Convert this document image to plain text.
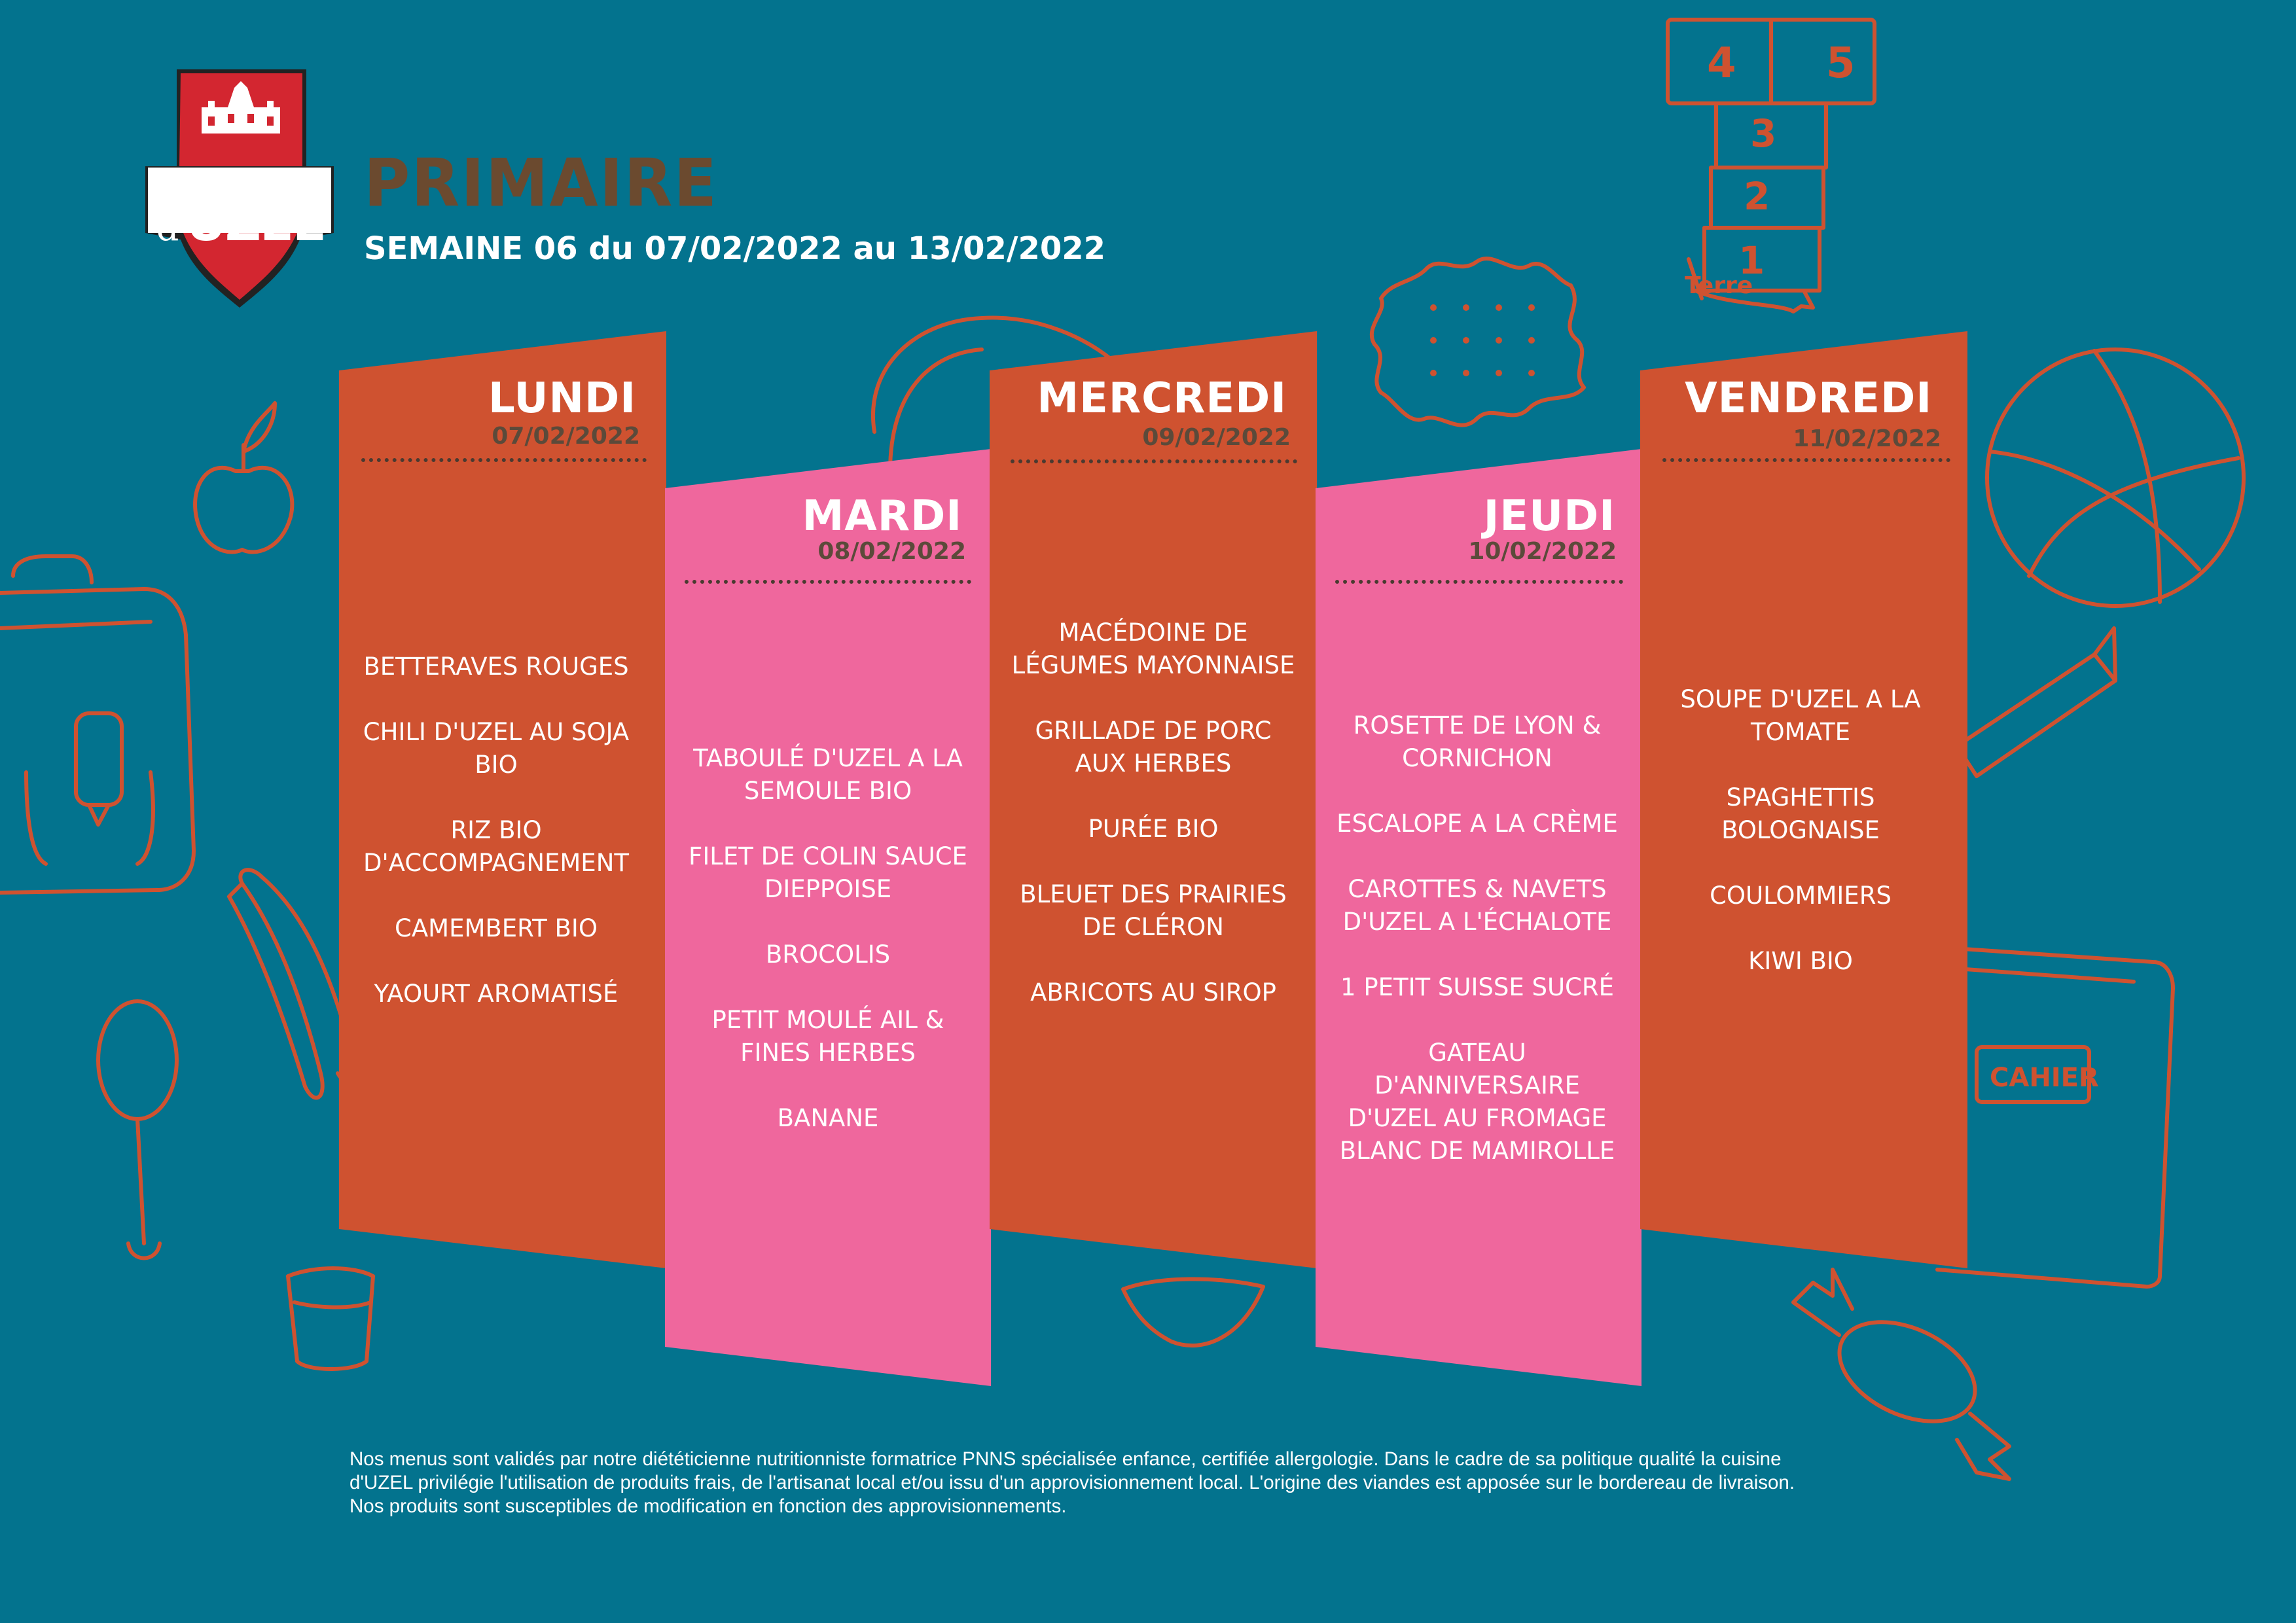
4 5
3
2
1
Terre
CAHIER
CHATEAU
d'UZEL
PRIMAIRE
SEMAINE 06 du 07/02/2022 au 13/02/2022
LUNDI
07/02/2022
BETTERAVES ROUGES
CHILI D'UZEL AU SOJA BIO
RIZ BIO D'ACCOMPAGNEMENT
CAMEMBERT BIO
YAOURT AROMATISÉ
MARDI
08/02/2022
TABOULÉ D'UZEL A LA SEMOULE BIO
FILET DE COLIN SAUCE DIEPPOISE
BROCOLIS
PETIT MOULÉ AIL & FINES HERBES
BANANE
MERCREDI
09/02/2022
MACÉDOINE DE LÉGUMES MAYONNAISE
GRILLADE DE PORC AUX HERBES
PURÉE BIO
BLEUET DES PRAIRIES DE CLÉRON
ABRICOTS AU SIROP
JEUDI
10/02/2022
ROSETTE DE LYON & CORNICHON
ESCALOPE A LA CRÈME
CAROTTES & NAVETS D'UZEL A L'ÉCHALOTE
1 PETIT SUISSE SUCRÉ
GATEAU D'ANNIVERSAIRE D'UZEL AU FROMAGE BLANC DE MAMIROLLE
VENDREDI
11/02/2022
SOUPE D'UZEL A LA TOMATE
SPAGHETTIS BOLOGNAISE
COULOMMIERS
KIWI BIO

Nos menus sont validés par notre diététicienne nutritionniste formatrice PNNS spécialisée enfance, certifiée allergologie. Dans le cadre de sa politique qualité la cuisine
d'UZEL privilégie l'utilisation de produits frais, de l'artisanat local et/ou issu d'un approvisionnement local. L'origine des viandes est apposée sur le bordereau de livraison.
Nos produits sont susceptibles de modification en fonction des approvisionnements.
